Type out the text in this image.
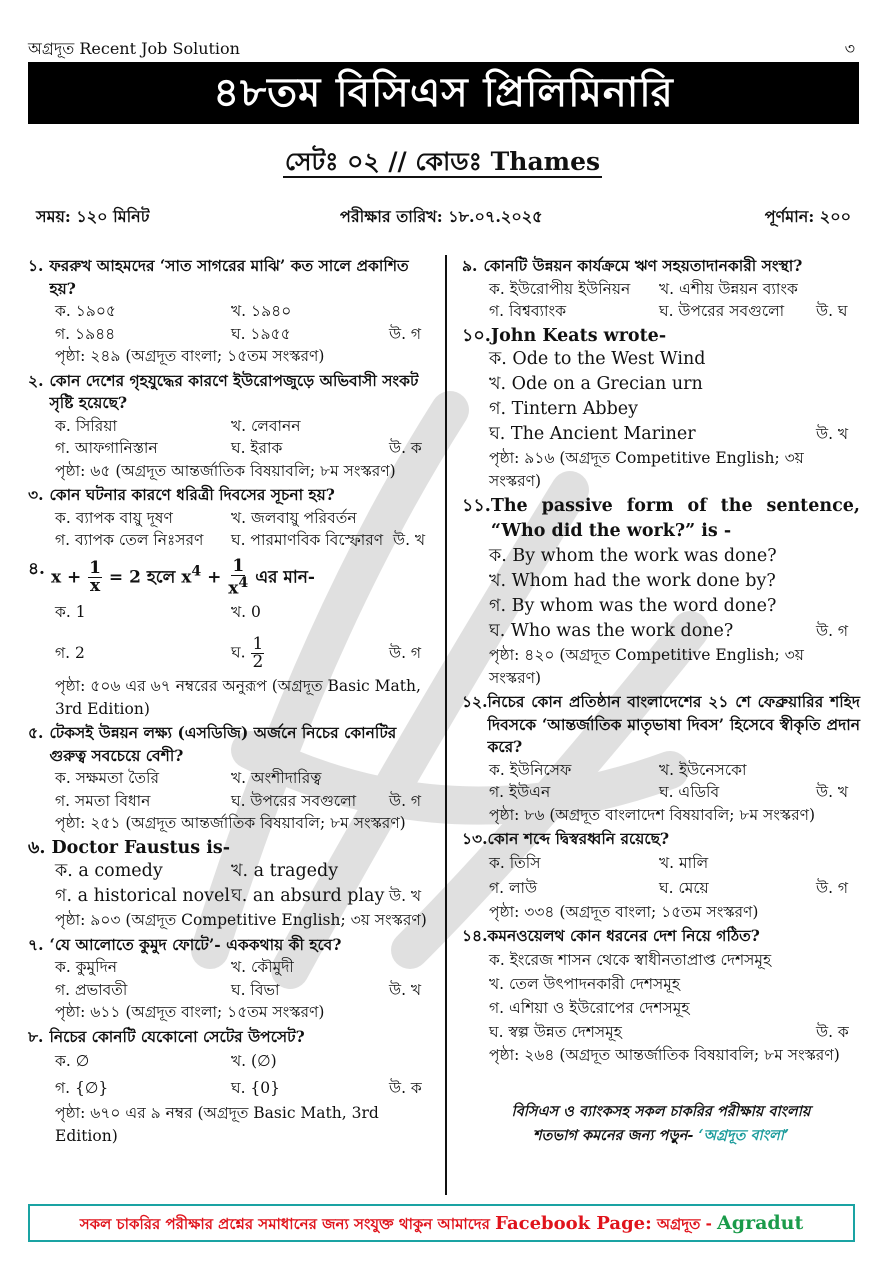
অগ্রদূত Recent Job Solution	৩
৪৮তম বিসিএস প্রিলিমিনারি
সেটঃ ০২ // কোডঃ Thames
সময়: ১২০ মিনিট	পরীক্ষার তারিখ: ১৮.০৭.২০২৫	পূর্ণমান: ২০০
১. ফররুখ আহমদের ‘সাত সাগরের মাঝি’ কত সালে প্রকাশিত হয়?
ক. ১৯০৫	খ. ১৯৪০
গ. ১৯৪৪	ঘ. ১৯৫৫	উ. গ
পৃষ্ঠা: ২৪৯ (অগ্রদূত বাংলা; ১৫তম সংস্করণ)
২. কোন দেশের গৃহযুদ্ধের কারণে ইউরোপজুড়ে অভিবাসী সংকট সৃষ্টি হয়েছে?
ক. সিরিয়া	খ. লেবানন
গ. আফগানিস্তান	ঘ. ইরাক	উ. ক
পৃষ্ঠা: ৬৫ (অগ্রদূত আন্তর্জাতিক বিষয়াবলি; ৮ম সংস্করণ)
৩. কোন ঘটনার কারণে ধরিত্রী দিবসের সূচনা হয়?
ক. ব্যাপক বায়ু দূষণ	খ. জলবায়ু পরিবর্তন
গ. ব্যাপক তেল নিঃসরণ	ঘ. পারমাণবিক বিস্ফোরণ উ. খ
৪. $x + \frac{1}{x} = 2$ হলে $x^4 + \frac{1}{x^4}$ এর মান-
ক. 1	খ. 0
গ. 2	ঘ. $\frac{1}{2}$	উ. গ
পৃষ্ঠা: ৫০৬ এর ৬৭ নম্বরের অনুরূপ (অগ্রদূত Basic Math, 3rd Edition)
৫. টেকসই উন্নয়ন লক্ষ্য (এসডিজি) অর্জনে নিচের কোনটির গুরুত্ব সবচেয়ে বেশী?
ক. সক্ষমতা তৈরি	খ. অংশীদারিত্ব
গ. সমতা বিধান	ঘ. উপরের সবগুলো	উ. গ
পৃষ্ঠা: ২৫১ (অগ্রদূত আন্তর্জাতিক বিষয়াবলি; ৮ম সংস্করণ)
৬. Doctor Faustus is-
ক. a comedy	খ. a tragedy
গ. a historical novel ঘ. an absurd play উ. খ
পৃষ্ঠা: ৯০৩ (অগ্রদূত Competitive English; ৩য় সংস্করণ)
৭. ‘যে আলোতে কুমুদ ফোটে’- এককথায় কী হবে?
ক. কুমুদিন	খ. কৌমুদী
গ. প্রভাবতী	ঘ. বিভা	উ. খ
পৃষ্ঠা: ৬১১ (অগ্রদূত বাংলা; ১৫তম সংস্করণ)
৮. নিচের কোনটি যেকোনো সেটের উপসেট?
ক. ∅	খ. (∅)
গ. {∅}	ঘ. {0}	উ. ক
পৃষ্ঠা: ৬৭০ এর ৯ নম্বর (অগ্রদূত Basic Math, 3rd Edition)
৯. কোনটি উন্নয়ন কার্যক্রমে ঋণ সহয়তাদানকারী সংস্থা?
ক. ইউরোপীয় ইউনিয়ন	খ. এশীয় উন্নয়ন ব্যাংক
গ. বিশ্বব্যাংক	ঘ. উপরের সবগুলো	উ. ঘ
১০. John Keats wrote-
ক. Ode to the West Wind
খ. Ode on a Grecian urn
গ. Tintern Abbey
ঘ. The Ancient Mariner	উ. খ
পৃষ্ঠা: ৯১৬ (অগ্রদূত Competitive English; ৩য় সংস্করণ)
১১. The passive form of the sentence, “Who did the work?” is -
ক. By whom the work was done?
খ. Whom had the work done by?
গ. By whom was the word done?
ঘ. Who was the work done?	উ. গ
পৃষ্ঠা: ৪২০ (অগ্রদূত Competitive English; ৩য় সংস্করণ)
১২. নিচের কোন প্রতিষ্ঠান বাংলাদেশের ২১ শে ফেব্রুয়ারির শহিদ দিবসকে ‘আন্তর্জাতিক মাতৃভাষা দিবস’ হিসেবে স্বীকৃতি প্রদান করে?
ক. ইউনিসেফ	খ. ইউনেসকো
গ. ইউএন	ঘ. এডিবি	উ. খ
পৃষ্ঠা: ৮৬ (অগ্রদূত বাংলাদেশ বিষয়াবলি; ৮ম সংস্করণ)
১৩. কোন শব্দে দ্বিস্বরধ্বনি রয়েছে?
ক. তিসি	খ. মালি
গ. লাউ	ঘ. মেয়ে	উ. গ
পৃষ্ঠা: ৩৩৪ (অগ্রদূত বাংলা; ১৫তম সংস্করণ)
১৪. কমনওয়েলথ কোন ধরনের দেশ নিয়ে গঠিত?
ক. ইংরেজ শাসন থেকে স্বাধীনতাপ্রাপ্ত দেশসমূহ
খ. তেল উৎপাদনকারী দেশসমূহ
গ. এশিয়া ও ইউরোপের দেশসমূহ
ঘ. স্বল্প উন্নত দেশসমূহ	উ. ক
পৃষ্ঠা: ২৬৪ (অগ্রদূত আন্তর্জাতিক বিষয়াবলি; ৮ম সংস্করণ)
বিসিএস ও ব্যাংকসহ সকল চাকরির পরীক্ষায় বাংলায়
শতভাগ কমনের জন্য পড়ুন- ‘অগ্রদূত বাংলা’
সকল চাকরির পরীক্ষার প্রশ্নের সমাধানের জন্য সংযুক্ত থাকুন আমাদের Facebook Page: অগ্রদূত - Agradut
